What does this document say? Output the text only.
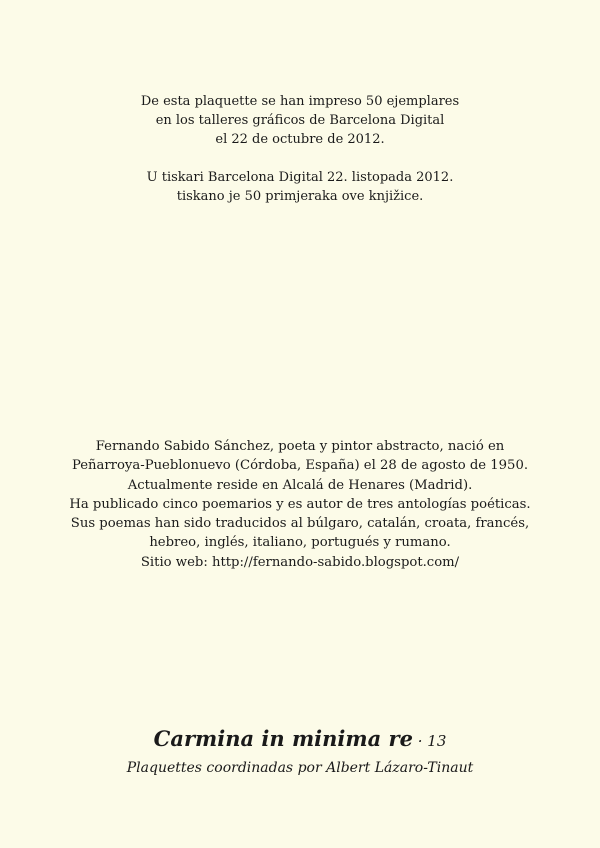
De esta plaquette se han impreso 50 ejemplares
en los talleres gráficos de Barcelona Digital
el 22 de octubre de 2012.
U tiskari Barcelona Digital 22. listopada 2012.
tiskano je 50 primjeraka ove knjižice.
Fernando Sabido Sánchez, poeta y pintor abstracto, nació en
Peñarroya-Pueblonuevo (Córdoba, España) el 28 de agosto de 1950.
Actualmente reside en Alcalá de Henares (Madrid).
Ha publicado cinco poemarios y es autor de tres antologías poéticas.
Sus poemas han sido traducidos al búlgaro, catalán, croata, francés,
hebreo, inglés, italiano, portugués y rumano.
Sitio web: http://fernando-sabido.blogspot.com/
Carmina in minima re · 13
Plaquettes coordinadas por Albert Lázaro-Tinaut
